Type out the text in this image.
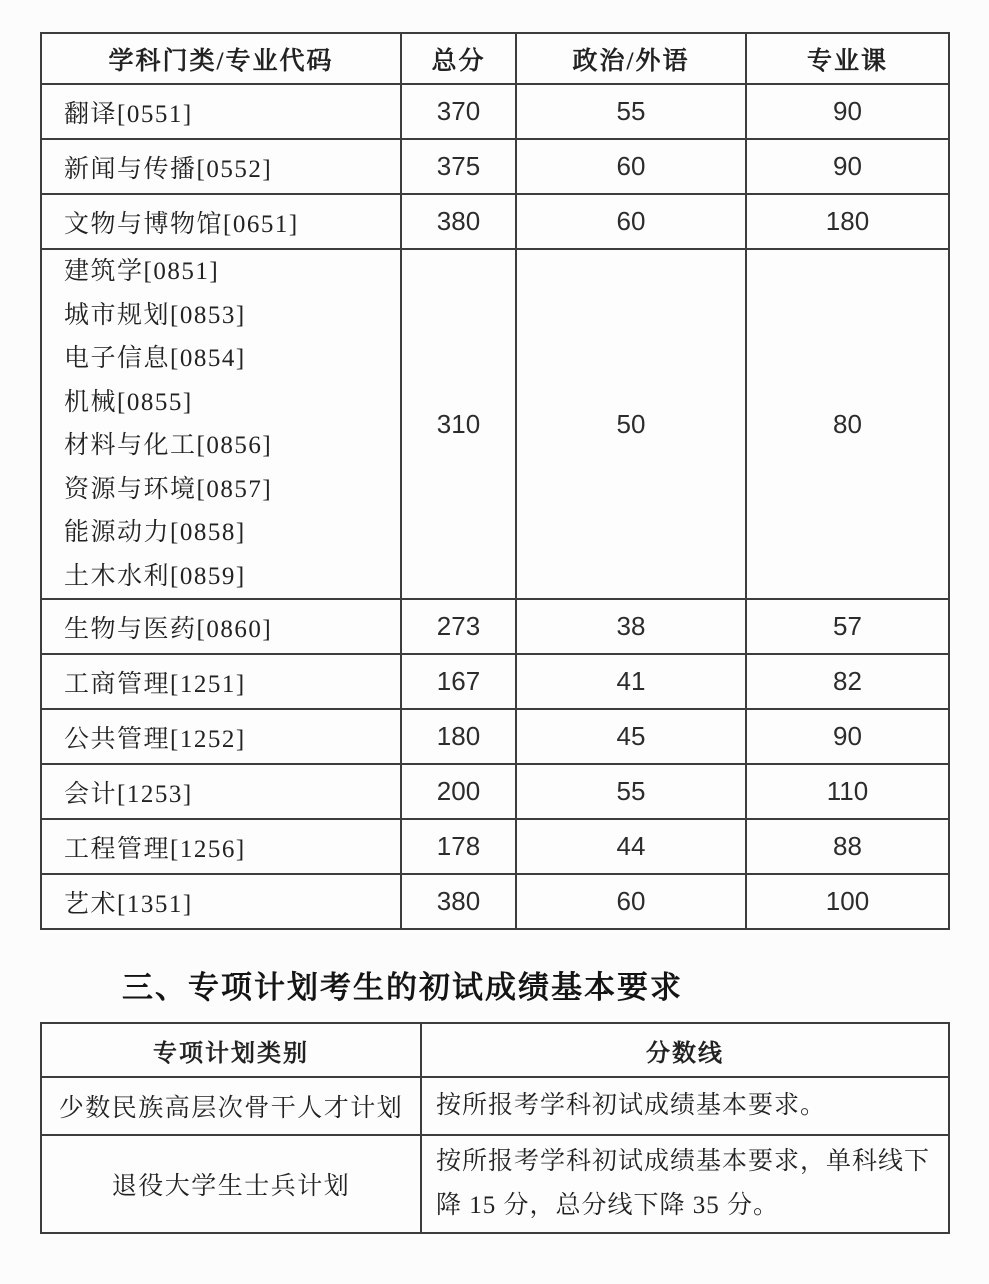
学科门类/专业代码	总分	政治/外语	专业课
翻译[0551]	370	55	90
新闻与传播[0552]	375	60	90
文物与博物馆[0651]	380	60	180

建筑学[0851]
城市规划[0853]
电子信息[0854]
机械[0855]
材料与化工[0856]
资源与环境[0857]
能源动力[0858]
土木水利[0859]
	310	50	80
生物与医药[0860]	273	38	57
工商管理[1251]	167	41	82
公共管理[1252]	180	45	90
会计[1253]	200	55	110
工程管理[1256]	178	44	88
艺术[1351]	380	60	100
三、专项计划考生的初试成绩基本要求
专项计划类别	分数线
少数民族高层次骨干人才计划	按所报考学科初试成绩基本要求。
退役大学生士兵计划	按所报考学科初试成绩基本要求，单科线下降 15 分，总分线下降 35 分。
